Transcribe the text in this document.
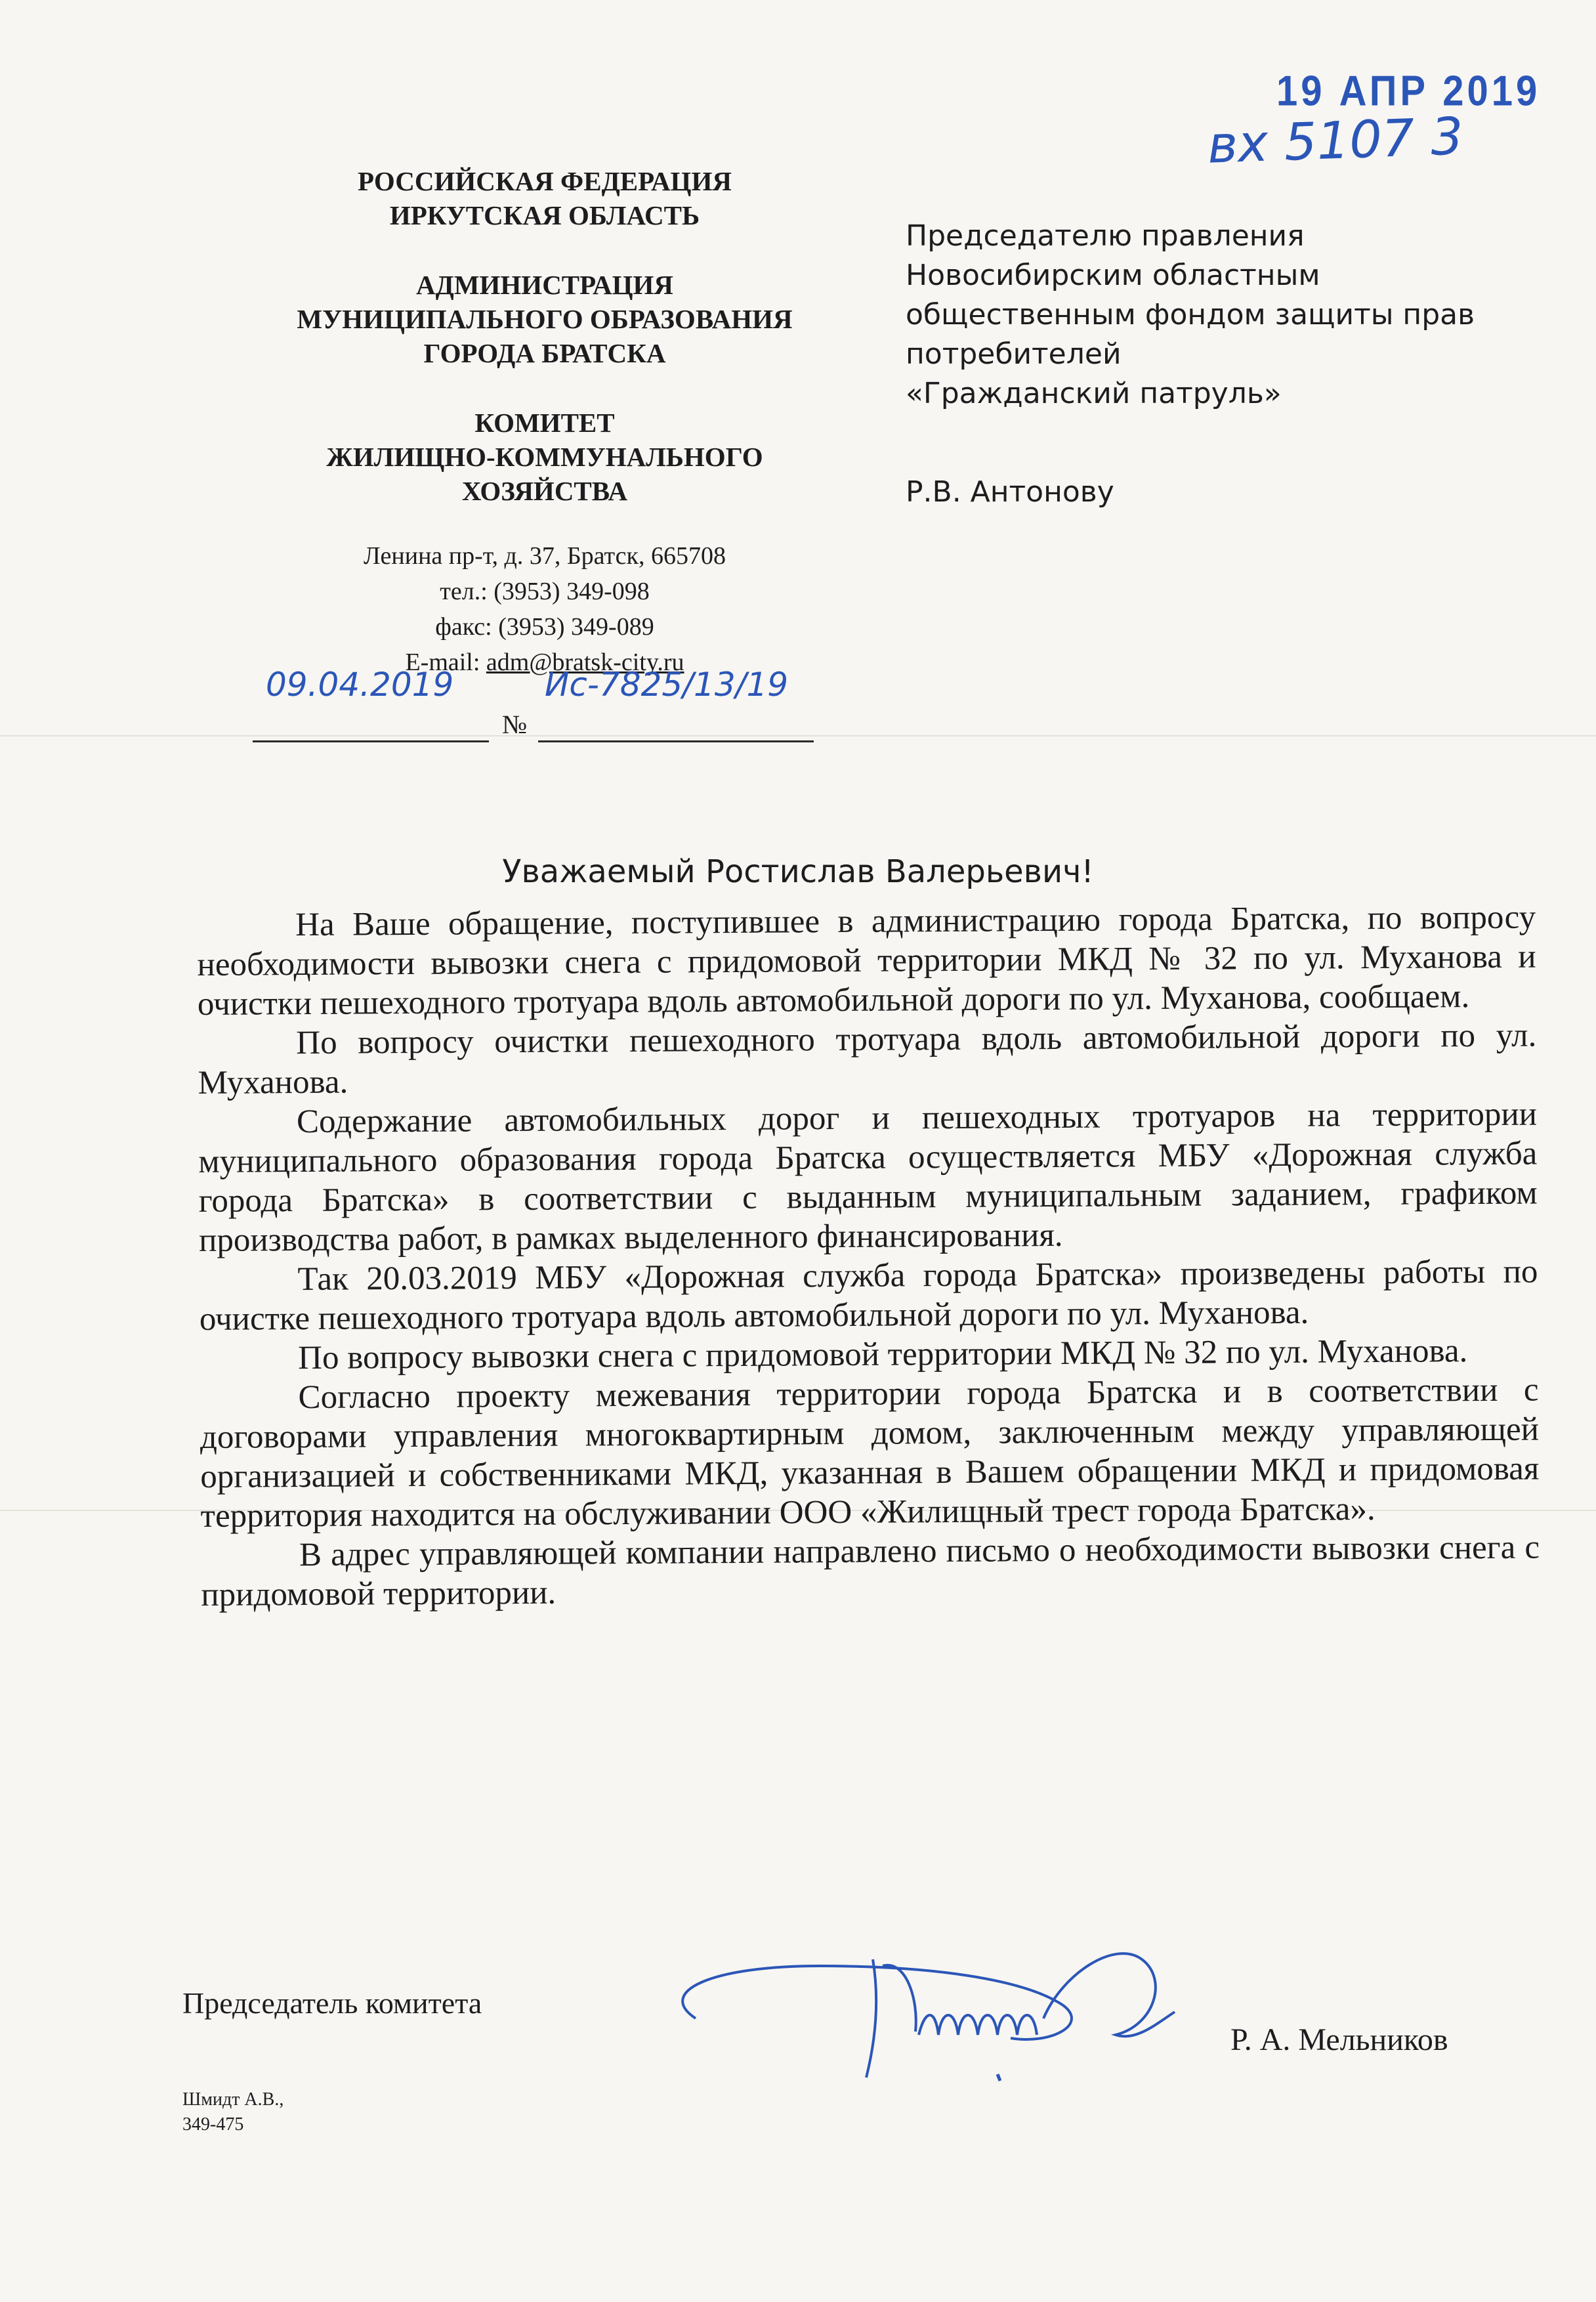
19 АПР 2019
вх 5107 3
РОССИЙСКАЯ ФЕДЕРАЦИЯ
ИРКУТСКАЯ ОБЛАСТЬ
АДМИНИСТРАЦИЯ
МУНИЦИПАЛЬНОГО ОБРАЗОВАНИЯ
ГОРОДА БРАТСКА
КОМИТЕТ
ЖИЛИЩНО-КОММУНАЛЬНОГО
ХОЗЯЙСТВА
Ленина пр-т, д. 37, Братск, 665708
тел.: (3953) 349-098
факс: (3953) 349-089
E-mail: adm@bratsk-city.ru
09.04.2019
№
Ис-7825/13/19
Председателю правления
Новосибирским областным
общественным фондом защиты прав
потребителей
«Гражданский патруль»
Р.В. Антонову
Уважаемый Ростислав Валерьевич!

На Ваше обращение, поступившее в администрацию города Братска, по вопросу необходимости вывозки снега с придомовой территории МКД № 32 по ул. Муханова и очистки пешеходного тротуара вдоль автомобильной дороги по ул. Муханова, сообщаем.

По вопросу очистки пешеходного тротуара вдоль автомобильной дороги по ул. Муханова.

Содержание автомобильных дорог и пешеходных тротуаров на территории муниципального образования города Братска осуществляется МБУ «Дорожная служба города Братска» в соответствии с выданным муниципальным заданием, графиком производства работ, в рамках выделенного финансирования.

Так 20.03.2019 МБУ «Дорожная служба города Братска» произведены работы по очистке пешеходного тротуара вдоль автомобильной дороги по ул. Муханова.

По вопросу вывозки снега с придомовой территории МКД № 32 по ул. Муханова.

Согласно проекту межевания территории города Братска и в соответствии с договорами управления многоквартирным домом, заключенным между управляющей организацией и собственниками МКД, указанная в Вашем обращении МКД и придомовая территория находится на обслуживании ООО «Жилищный трест города Братска».

В адрес управляющей компании направлено письмо о необходимости вывозки снега с придомовой территории.

Председатель комитета
Р. А. Мельников
Шмидт А.В.,
349-475
